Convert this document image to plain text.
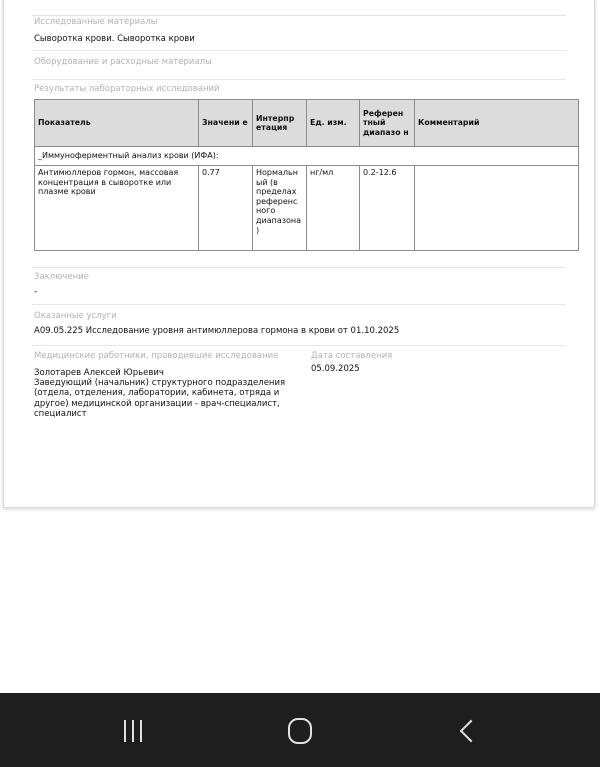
Исследованные материалы
Сыворотка крови. Сыворотка крови
Оборудование и расходные материалы
Результаты лабораторных исследований
Показатель	Значени е	Интерпр етация	Ед. изм.	Референ тный диапазо н	Комментарий
_Иммуноферментный анализ крови (ИФА):					
Антимюллеров гормон, массовая концентрация в сыворотке или плазме крови	0.77	Нормальн ый (в пределах референс ного диапазона )	нг/мл	0.2-12.6	
Заключение
-
Оказанные услуги
A09.05.225 Исследование уровня антимюллерова гормона в крови от 01.10.2025
Медицинские работники, проводившие исследование	Дата составления
Золотарев Алексей Юрьевич
Заведующий (начальник) структурного подразделения (отдела, отделения, лаборатории, кабинета, отряда и другое) медицинской организации - врач-специалист, специалист
05.09.2025
